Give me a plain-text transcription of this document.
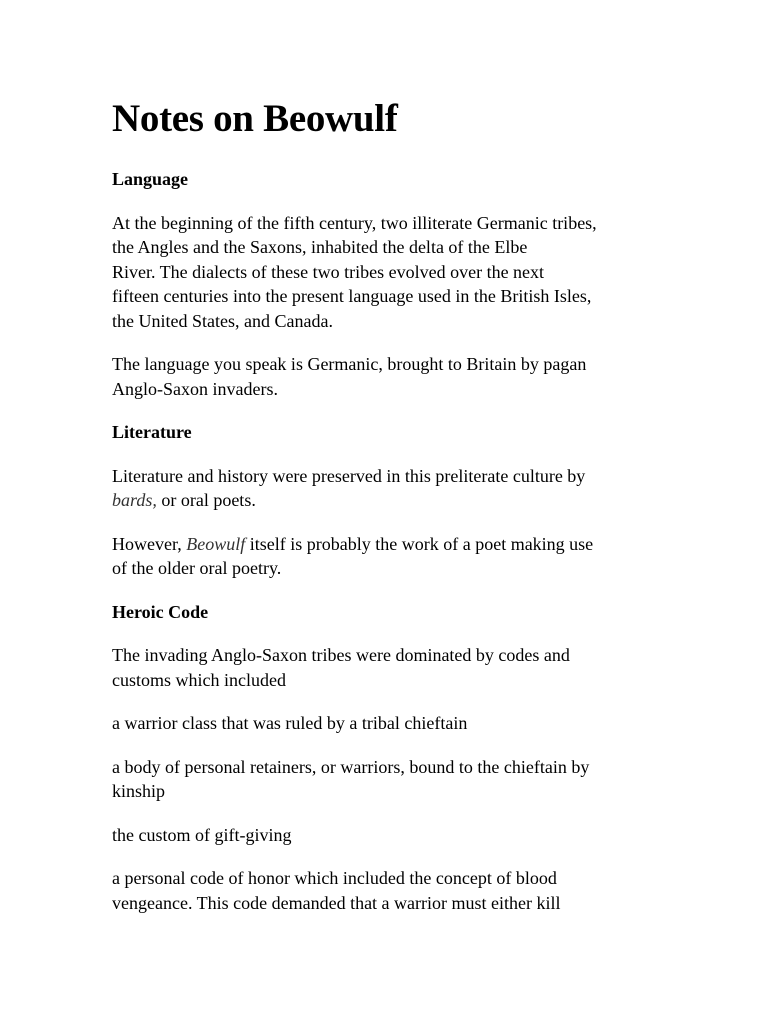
Notes on Beowulf
Language
At the beginning of the fifth century, two illiterate Germanic tribes,
the Angles and the Saxons, inhabited the delta of the Elbe
River. The dialects of these two tribes evolved over the next
fifteen centuries into the present language used in the British Isles,
the United States, and Canada.
The language you speak is Germanic, brought to Britain by pagan
Anglo-Saxon invaders.
Literature
Literature and history were preserved in this preliterate culture by
bards, or oral poets.
However, Beowulf itself is probably the work of a poet making use
of the older oral poetry.
Heroic Code
The invading Anglo-Saxon tribes were dominated by codes and
customs which included
a warrior class that was ruled by a tribal chieftain
a body of personal retainers, or warriors, bound to the chieftain by
kinship
the custom of gift-giving
a personal code of honor which included the concept of blood
vengeance. This code demanded that a warrior must either kill
